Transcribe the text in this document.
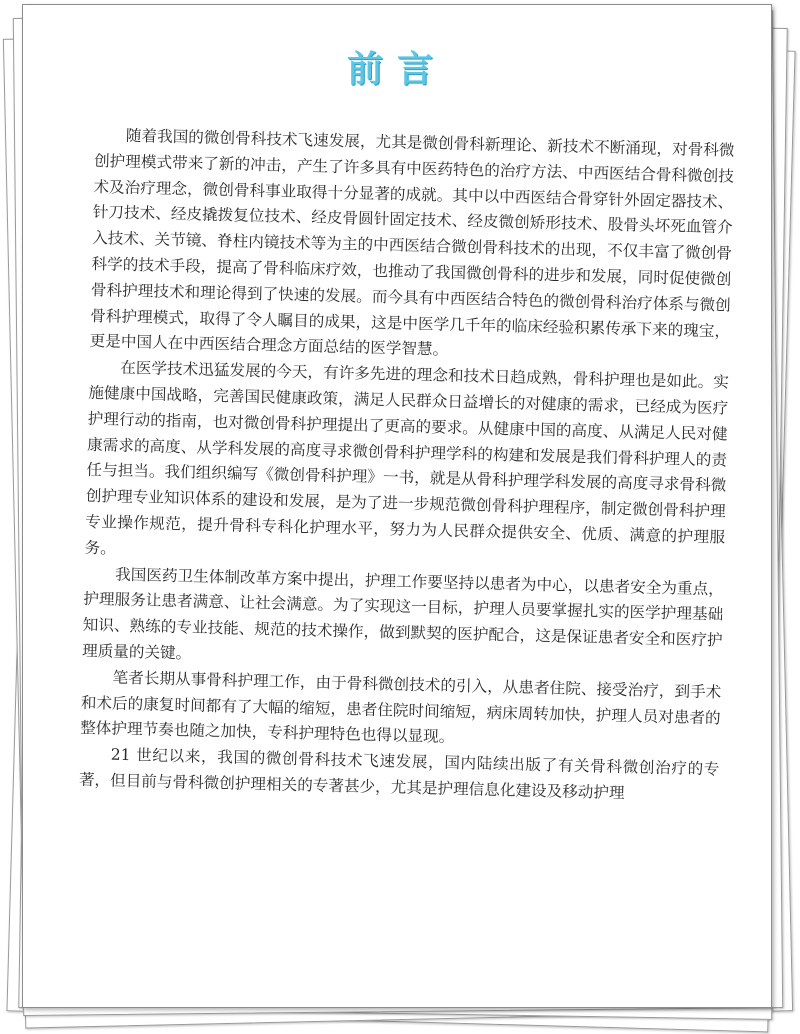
前言

随着我国的微创骨科技术飞速发展，尤其是微创骨科新理论、新技术不断涌现，对骨科微创护理模式带来了新的冲击，产生了许多具有中医药特色的治疗方法、中西医结合骨科微创技术及治疗理念，微创骨科事业取得十分显著的成就。其中以中西医结合骨穿针外固定器技术、针刀技术、经皮撬拨复位技术、经皮骨圆针固定技术、经皮微创矫形技术、股骨头坏死血管介入技术、关节镜、脊柱内镜技术等为主的中西医结合微创骨科技术的出现，不仅丰富了微创骨科学的技术手段，提高了骨科临床疗效，也推动了我国微创骨科的进步和发展，同时促使微创骨科护理技术和理论得到了快速的发展。而今具有中西医结合特色的微创骨科治疗体系与微创骨科护理模式，取得了令人瞩目的成果，这是中医学几千年的临床经验积累传承下来的瑰宝，更是中国人在中西医结合理念方面总结的医学智慧。

在医学技术迅猛发展的今天，有许多先进的理念和技术日趋成熟，骨科护理也是如此。实施健康中国战略，完善国民健康政策，满足人民群众日益增长的对健康的需求，已经成为医疗护理行动的指南，也对微创骨科护理提出了更高的要求。从健康中国的高度、从满足人民对健康需求的高度、从学科发展的高度寻求微创骨科护理学科的构建和发展是我们骨科护理人的责任与担当。我们组织编写《微创骨科护理》一书，就是从骨科护理学科发展的高度寻求骨科微创护理专业知识体系的建设和发展，是为了进一步规范微创骨科护理程序，制定微创骨科护理专业操作规范，提升骨科专科化护理水平，努力为人民群众提供安全、优质、满意的护理服务。

我国医药卫生体制改革方案中提出，护理工作要坚持以患者为中心，以患者安全为重点，护理服务让患者满意、让社会满意。为了实现这一目标，护理人员要掌握扎实的医学护理基础知识、熟练的专业技能、规范的技术操作，做到默契的医护配合，这是保证患者安全和医疗护理质量的关键。

笔者长期从事骨科护理工作，由于骨科微创技术的引入，从患者住院、接受治疗，到手术和术后的康复时间都有了大幅的缩短，患者住院时间缩短，病床周转加快，护理人员对患者的整体护理节奏也随之加快，专科护理特色也得以显现。

21 世纪以来，我国的微创骨科技术飞速发展，国内陆续出版了有关骨科微创治疗的专著，但目前与骨科微创护理相关的专著甚少，尤其是护理信息化建设及移动护理
